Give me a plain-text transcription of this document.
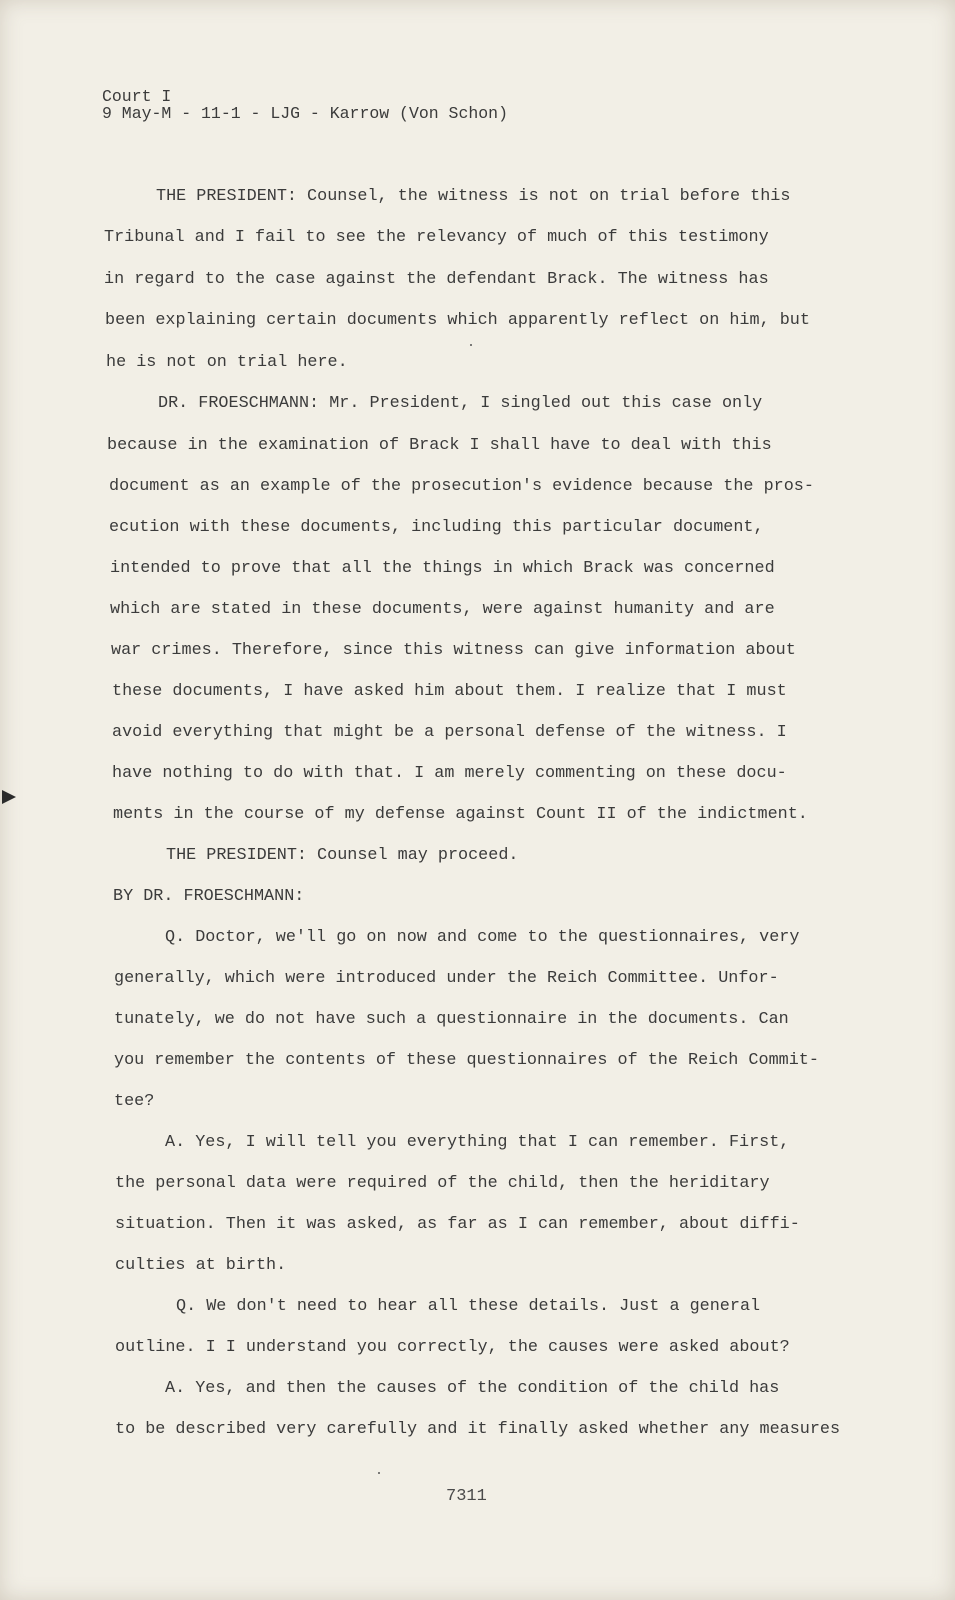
Court I
9 May-M - 11-1 - LJG - Karrow (Von Schon)
THE PRESIDENT: Counsel, the witness is not on trial before this
Tribunal and I fail to see the relevancy of much of this testimony
in regard to the case against the defendant Brack. The witness has
been explaining certain documents which apparently reflect on him, but
he is not on trial here.
DR. FROESCHMANN: Mr. President, I singled out this case only
because in the examination of Brack I shall have to deal with this
document as an example of the prosecution's evidence because the pros-
ecution with these documents, including this particular document,
intended to prove that all the things in which Brack was concerned
which are stated in these documents, were against humanity and are
war crimes. Therefore, since this witness can give information about
these documents, I have asked him about them. I realize that I must
avoid everything that might be a personal defense of the witness. I
have nothing to do with that. I am merely commenting on these docu-
ments in the course of my defense against Count II of the indictment.
THE PRESIDENT: Counsel may proceed.
BY DR. FROESCHMANN:
Q. Doctor, we'll go on now and come to the questionnaires, very
generally, which were introduced under the Reich Committee. Unfor-
tunately, we do not have such a questionnaire in the documents. Can
you remember the contents of these questionnaires of the Reich Commit-
tee?
A. Yes, I will tell you everything that I can remember. First,
the personal data were required of the child, then the heriditary
situation. Then it was asked, as far as I can remember, about diffi-
culties at birth.
Q. We don't need to hear all these details. Just a general
outline. I I understand you correctly, the causes were asked about?
A. Yes, and then the causes of the condition of the child has
to be described very carefully and it finally asked whether any measures
7311
